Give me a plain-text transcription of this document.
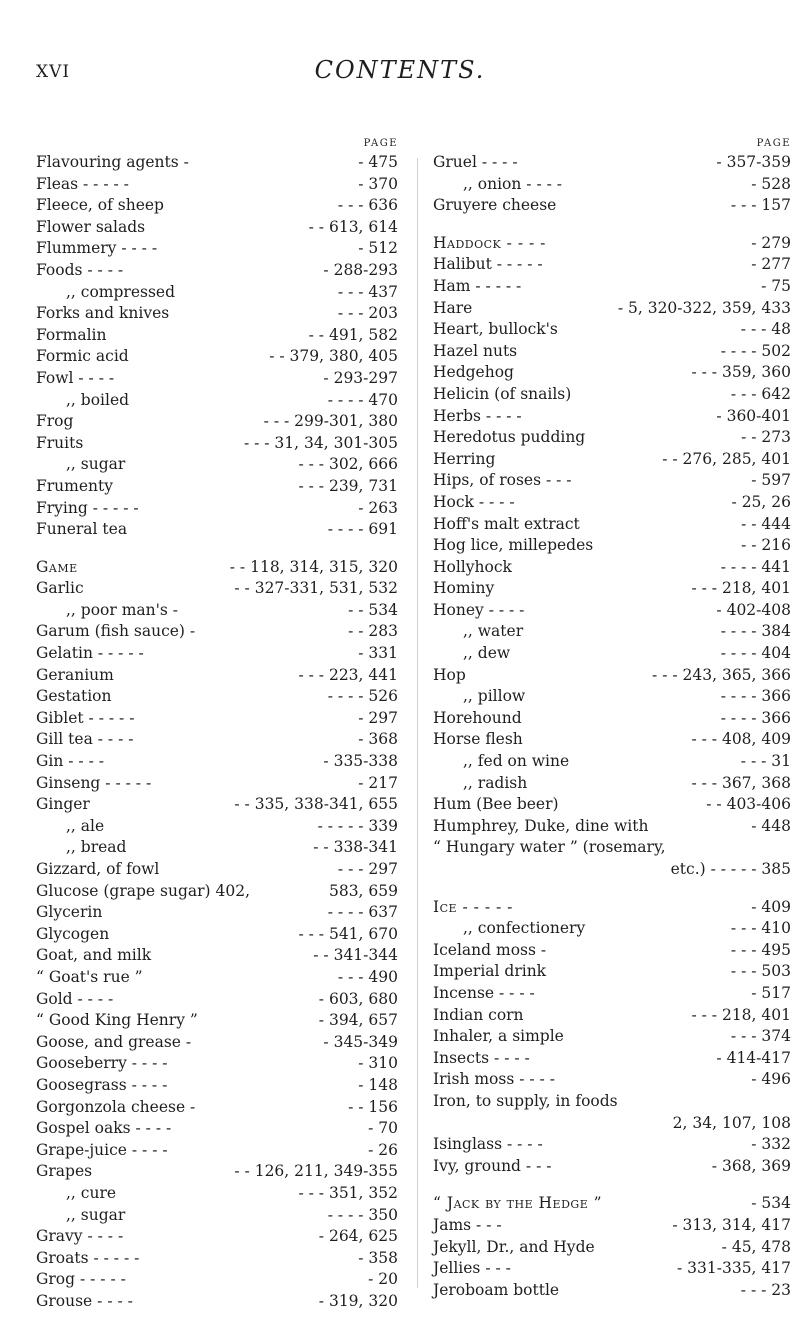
XVI	CONTENTS.
PAGE
Flavouring agents -	- 475
Fleas - - - - -	- 370
Fleece, of sheep	- - - 636
Flower salads	- - 613, 614
Flummery - - - -	- 512
Foods - - - -	- 288-293
,, compressed	- - - 437
Forks and knives	- - - 203
Formalin	- - 491, 582
Formic acid	- - 379, 380, 405
Fowl - - - -	- 293-297
,, boiled	- - - - 470
Frog	- - - 299-301, 380
Fruits	- - - 31, 34, 301-305
,, sugar	- - - 302, 666
Frumenty	- - - 239, 731
Frying - - - - -	- 263
Funeral tea	- - - - 691
Game	- - 118, 314, 315, 320
Garlic	- - 327-331, 531, 532
,, poor man's -	- - 534
Garum (fish sauce) -	- - 283
Gelatin - - - - -	- 331
Geranium	- - - 223, 441
Gestation	- - - - 526
Giblet - - - - -	- 297
Gill tea - - - -	- 368
Gin - - - -	- 335-338
Ginseng - - - - -	- 217
Ginger	- - 335, 338-341, 655
,, ale	- - - - - 339
,, bread	- - 338-341
Gizzard, of fowl	- - - 297
Glucose (grape sugar) 402,	583, 659
Glycerin	- - - - 637
Glycogen	- - - 541, 670
Goat, and milk	- - 341-344
“ Goat's rue ”	- - - 490
Gold - - - -	- 603, 680
“ Good King Henry ”	- 394, 657
Goose, and grease -	- 345-349
Gooseberry - - - -	- 310
Goosegrass - - - -	- 148
Gorgonzola cheese -	- - 156
Gospel oaks - - - -	- 70
Grape-juice - - - -	- 26
Grapes	- - 126, 211, 349-355
,, cure	- - - 351, 352
,, sugar	- - - - 350
Gravy - - - -	- 264, 625
Groats - - - - -	- 358
Grog - - - - -	- 20
Grouse - - - -	- 319, 320
PAGE
Gruel - - - -	- 357-359
,, onion - - - -	- 528
Gruyere cheese	- - - 157
Haddock - - - -	- 279
Halibut - - - - -	- 277
Ham - - - - -	- 75
Hare	- 5, 320-322, 359, 433
Heart, bullock's	- - - 48
Hazel nuts	- - - - 502
Hedgehog	- - - 359, 360
Helicin (of snails)	- - - 642
Herbs - - - -	- 360-401
Heredotus pudding	- - 273
Herring	- - 276, 285, 401
Hips, of roses - - -	- 597
Hock - - - -	- 25, 26
Hoff's malt extract	- - 444
Hog lice, millepedes	- - 216
Hollyhock	- - - - 441
Hominy	- - - 218, 401
Honey - - - -	- 402-408
,, water	- - - - 384
,, dew	- - - - 404
Hop	- - - 243, 365, 366
,, pillow	- - - - 366
Horehound	- - - - 366
Horse flesh	- - - 408, 409
,, fed on wine	- - - 31
,, radish	- - - 367, 368
Hum (Bee beer)	- - 403-406
Humphrey, Duke, dine with	- 448
“ Hungary water ” (rosemary,
etc.) - - - - - 385
Ice - - - - -	- 409
,, confectionery	- - - 410
Iceland moss -	- - - 495
Imperial drink	- - - 503
Incense - - - -	- 517
Indian corn	- - - 218, 401
Inhaler, a simple	- - - 374
Insects - - - -	- 414-417
Irish moss - - - -	- 496
Iron, to supply, in foods
2, 34, 107, 108
Isinglass - - - -	- 332
Ivy, ground - - -	- 368, 369
“ Jack by the Hedge ”	- 534
Jams - - -	- 313, 314, 417
Jekyll, Dr., and Hyde	- 45, 478
Jellies - - -	- 331-335, 417
Jeroboam bottle	- - - 23
